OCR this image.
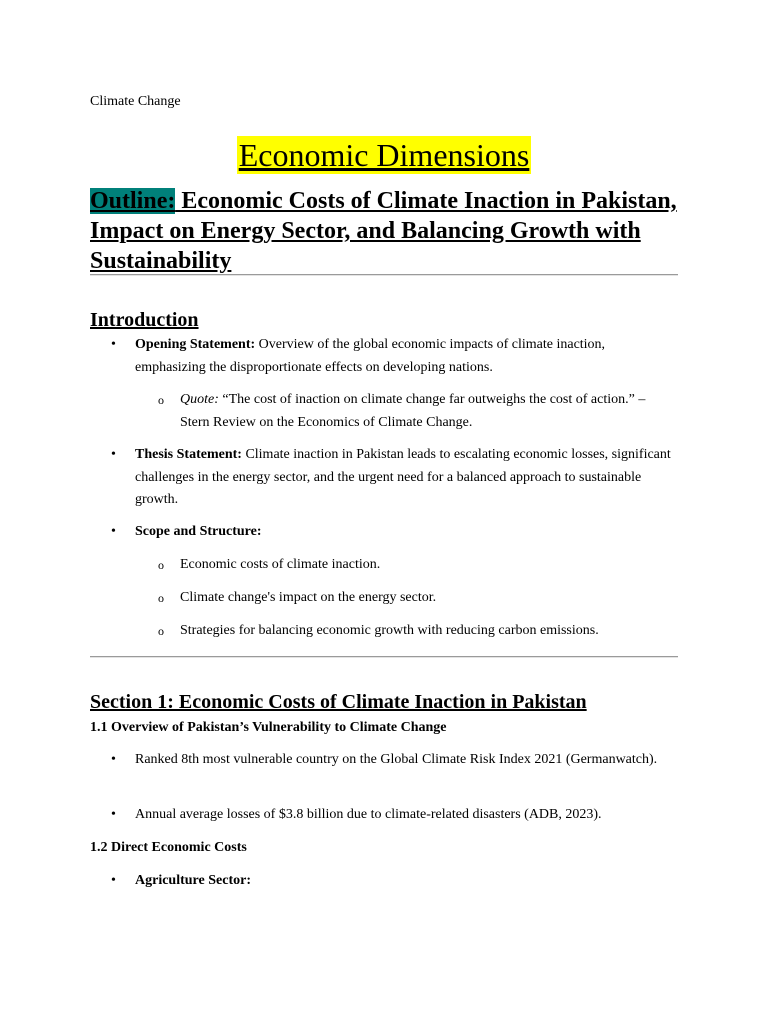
Climate Change
Economic Dimensions
Outline: Economic Costs of Climate Inaction in Pakistan, Impact on Energy Sector, and Balancing Growth with Sustainability
Introduction
• Opening Statement: Overview of the global economic impacts of climate inaction, emphasizing the disproportionate effects on developing nations.
o Quote: “The cost of inaction on climate change far outweighs the cost of action.” – Stern Review on the Economics of Climate Change.
• Thesis Statement: Climate inaction in Pakistan leads to escalating economic losses, significant challenges in the energy sector, and the urgent need for a balanced approach to sustainable growth.
• Scope and Structure:
o Economic costs of climate inaction.
o Climate change's impact on the energy sector.
o Strategies for balancing economic growth with reducing carbon emissions.
Section 1: Economic Costs of Climate Inaction in Pakistan
1.1 Overview of Pakistan’s Vulnerability to Climate Change
• Ranked 8th most vulnerable country on the Global Climate Risk Index 2021 (Germanwatch).
• Annual average losses of $3.8 billion due to climate-related disasters (ADB, 2023).
1.2 Direct Economic Costs
• Agriculture Sector:
